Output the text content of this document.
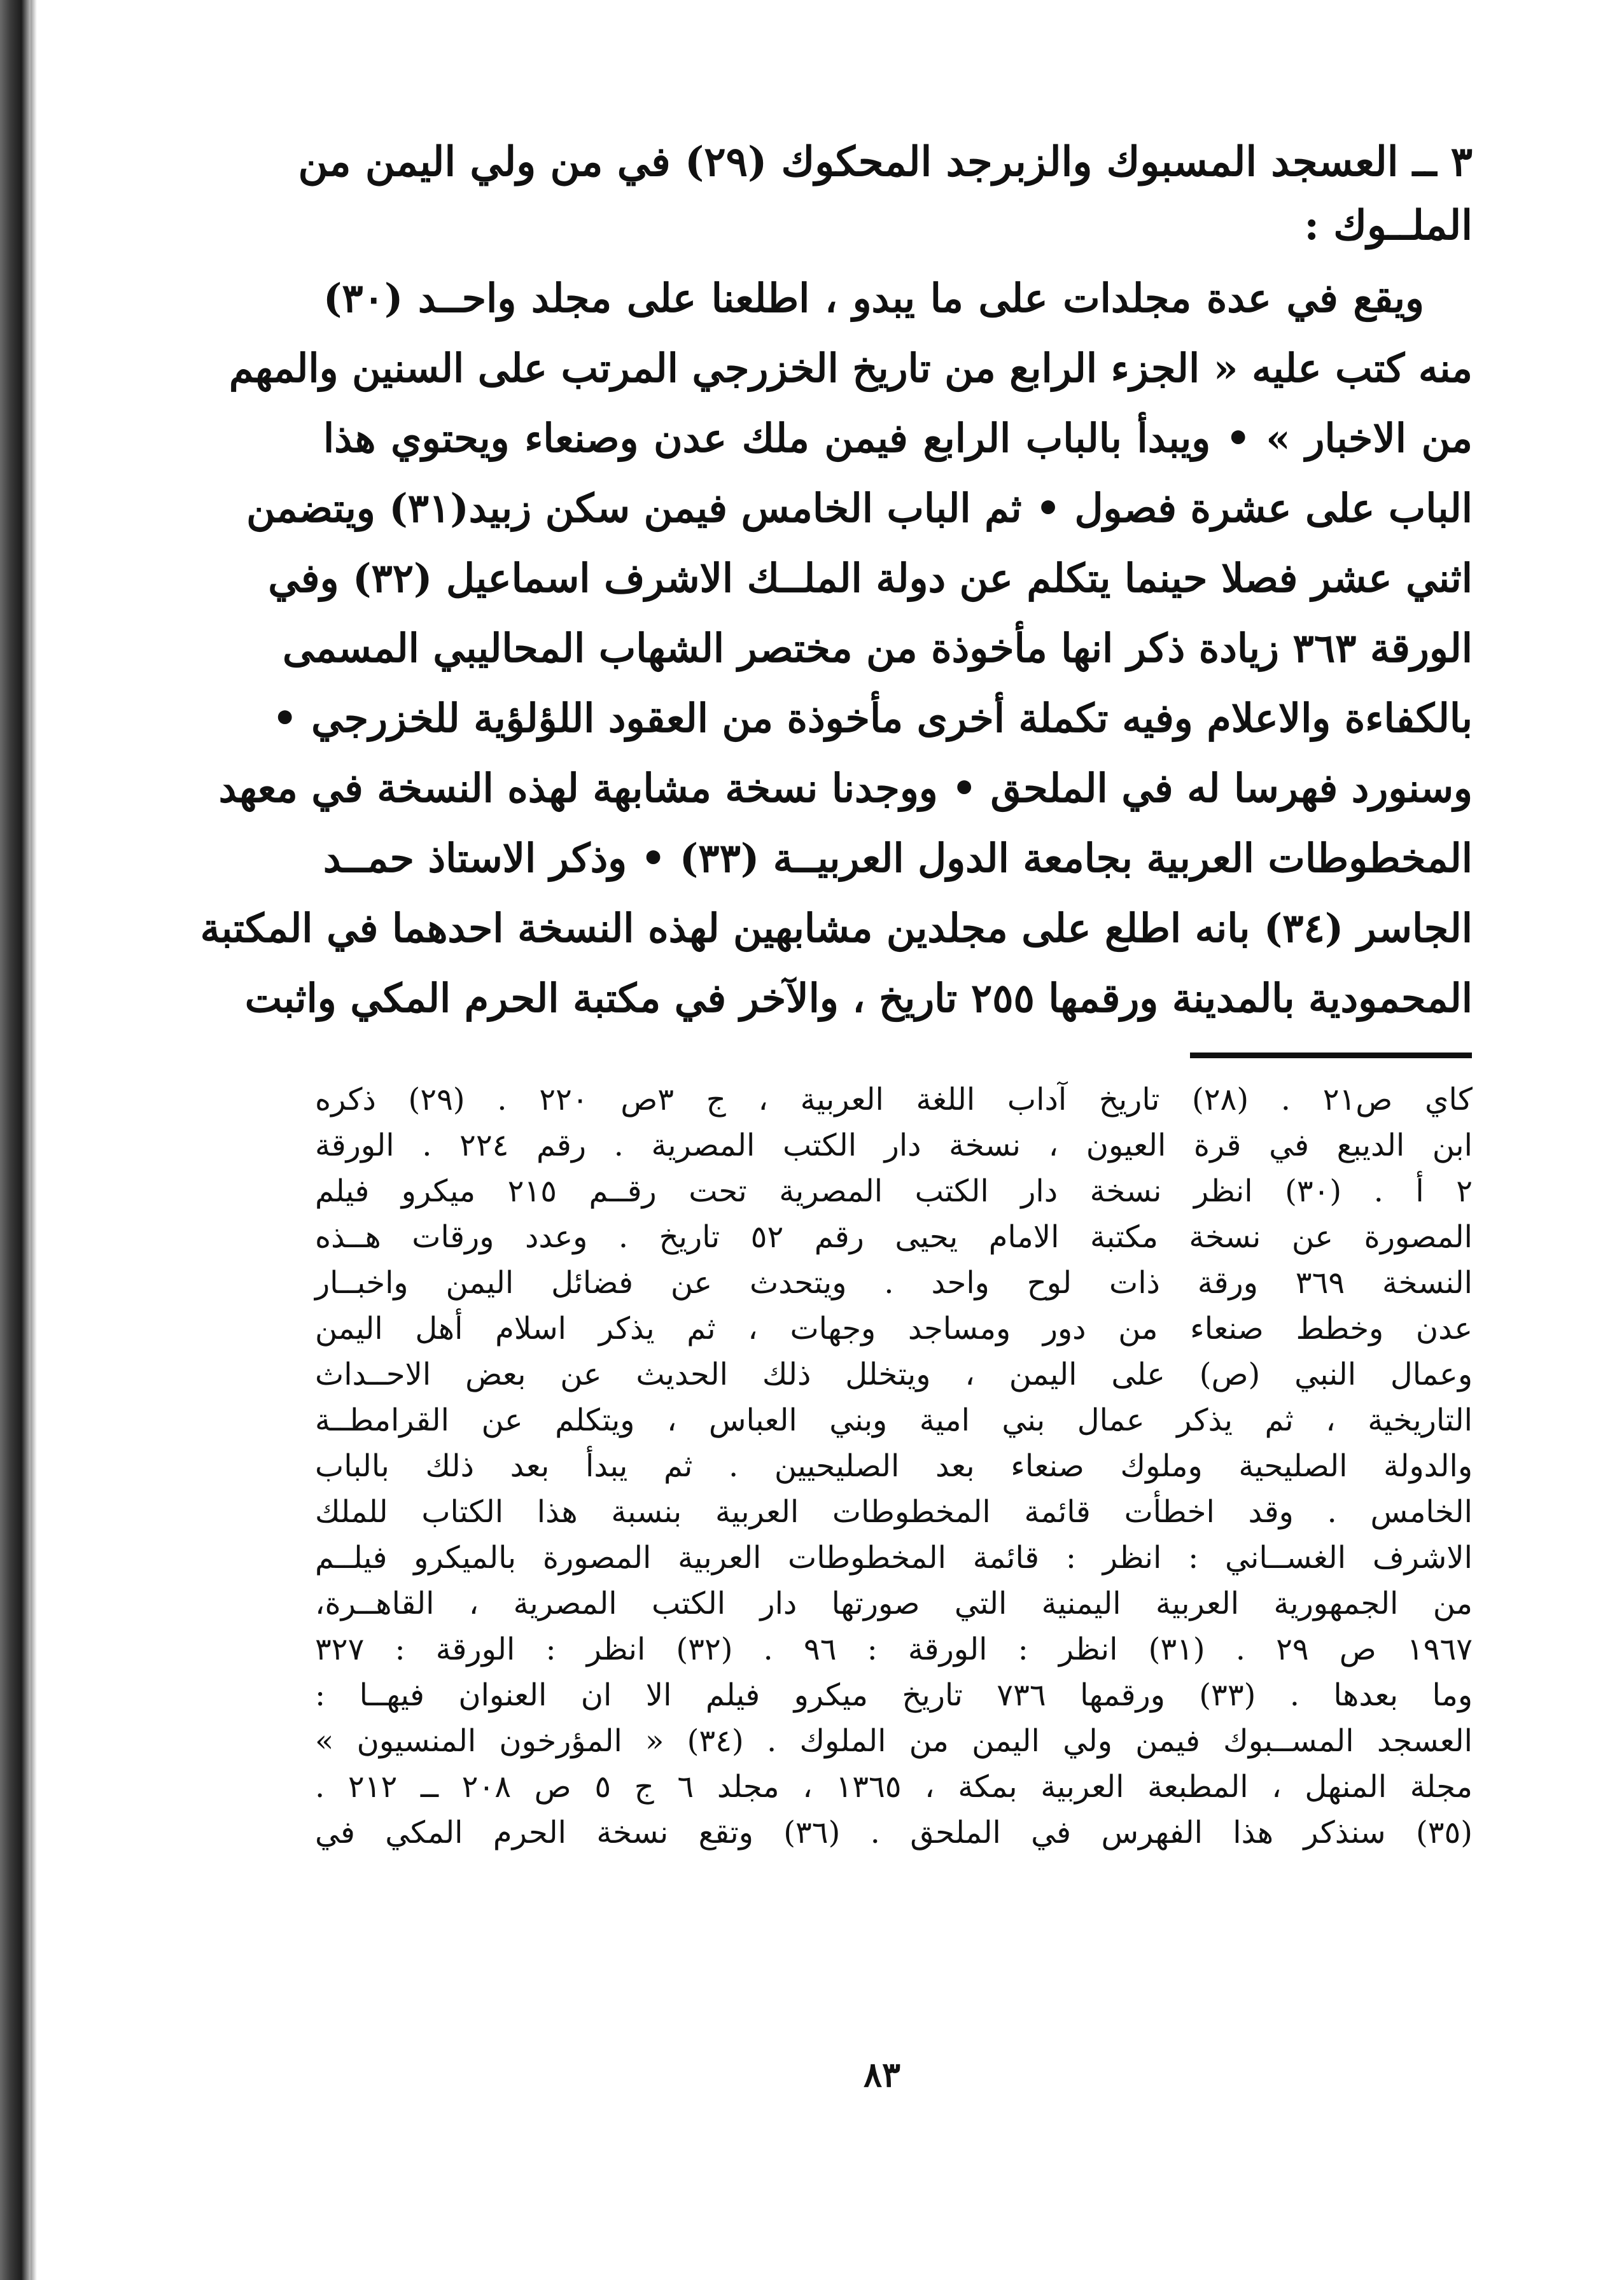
٣ ــ العسجد المسبوك والزبرجد المحكوك (٢٩) في من ولي اليمن من
الملــوك :
ويقع في عدة مجلدات على ما يبدو ، اطلعنا على مجلد واحــد (٣٠)
منه كتب عليه « الجزء الرابع من تاريخ الخزرجي المرتب على السنين والمهم
من الاخبار » • ويبدأ بالباب الرابع فيمن ملك عدن وصنعاء ويحتوي هذا
الباب على عشرة فصول • ثم الباب الخامس فيمن سكن زبيد(٣١) ويتضمن
اثني عشر فصلا حينما يتكلم عن دولة الملــك الاشرف اسماعيل (٣٢) وفي
الورقة ٣٦٣ زيادة ذكر انها مأخوذة من مختصر الشهاب المحاليبي المسمى
بالكفاءة والاعلام وفيه تكملة أخرى مأخوذة من العقود اللؤلؤية للخزرجي •
وسنورد فهرسا له في الملحق • ووجدنا نسخة مشابهة لهذه النسخة في معهد
المخطوطات العربية بجامعة الدول العربيــة (٣٣) • وذكر الاستاذ حمــد
الجاسر (٣٤) بانه اطلع على مجلدين مشابهين لهذه النسخة احدهما في المكتبة
المحمودية بالمدينة ورقمها ٢٥٥ تاريخ ، والآخر في مكتبة الحرم المكي واثبت
كاي ص٢١ . (٢٨) تاريخ آداب اللغة العربية ، ج ٣ص ٢٢٠ . (٢٩) ذكره
ابن الديبع في قرة العيون ، نسخة دار الكتب المصرية . رقم ٢٢٤ . الورقة
٢ أ . (٣٠) انظر نسخة دار الكتب المصرية تحت رقــم ٢١٥ ميكرو فيلم
المصورة عن نسخة مكتبة الامام يحيى رقم ٥٢ تاريخ . وعدد ورقات هــذه
النسخة ٣٦٩ ورقة ذات لوح واحد . ويتحدث عن فضائل اليمن واخبــار
عدن وخطط صنعاء من دور ومساجد وجهات ، ثم يذكر اسلام أهل اليمن
وعمال النبي (ص) على اليمن ، ويتخلل ذلك الحديث عن بعض الاحــداث
التاريخية ، ثم يذكر عمال بني امية وبني العباس ، ويتكلم عن القرامطــة
والدولة الصليحية وملوك صنعاء بعد الصليحيين . ثم يبدأ بعد ذلك بالباب
الخامس . وقد اخطأت قائمة المخطوطات العربية بنسبة هذا الكتاب للملك
الاشرف الغســاني : انظر : قائمة المخطوطات العربية المصورة بالميكرو فيلــم
من الجمهورية العربية اليمنية التي صورتها دار الكتب المصرية ، القاهــرة،
١٩٦٧ ص ٢٩ . (٣١) انظر : الورقة : ٩٦ . (٣٢) انظر : الورقة : ٣٢٧
وما بعدها . (٣٣) ورقمها ٧٣٦ تاريخ ميكرو فيلم الا ان العنوان فيهــا :
العسجد المســبوك فيمن ولي اليمن من الملوك . (٣٤) « المؤرخون المنسيون »
مجلة المنهل ، المطبعة العربية بمكة ، ١٣٦٥ ، مجلد ٦ ج ٥ ص ٢٠٨ ــ ٢١٢ .
(٣٥) سنذكر هذا الفهرس في الملحق . (٣٦) وتقع نسخة الحرم المكي في
٨٣
